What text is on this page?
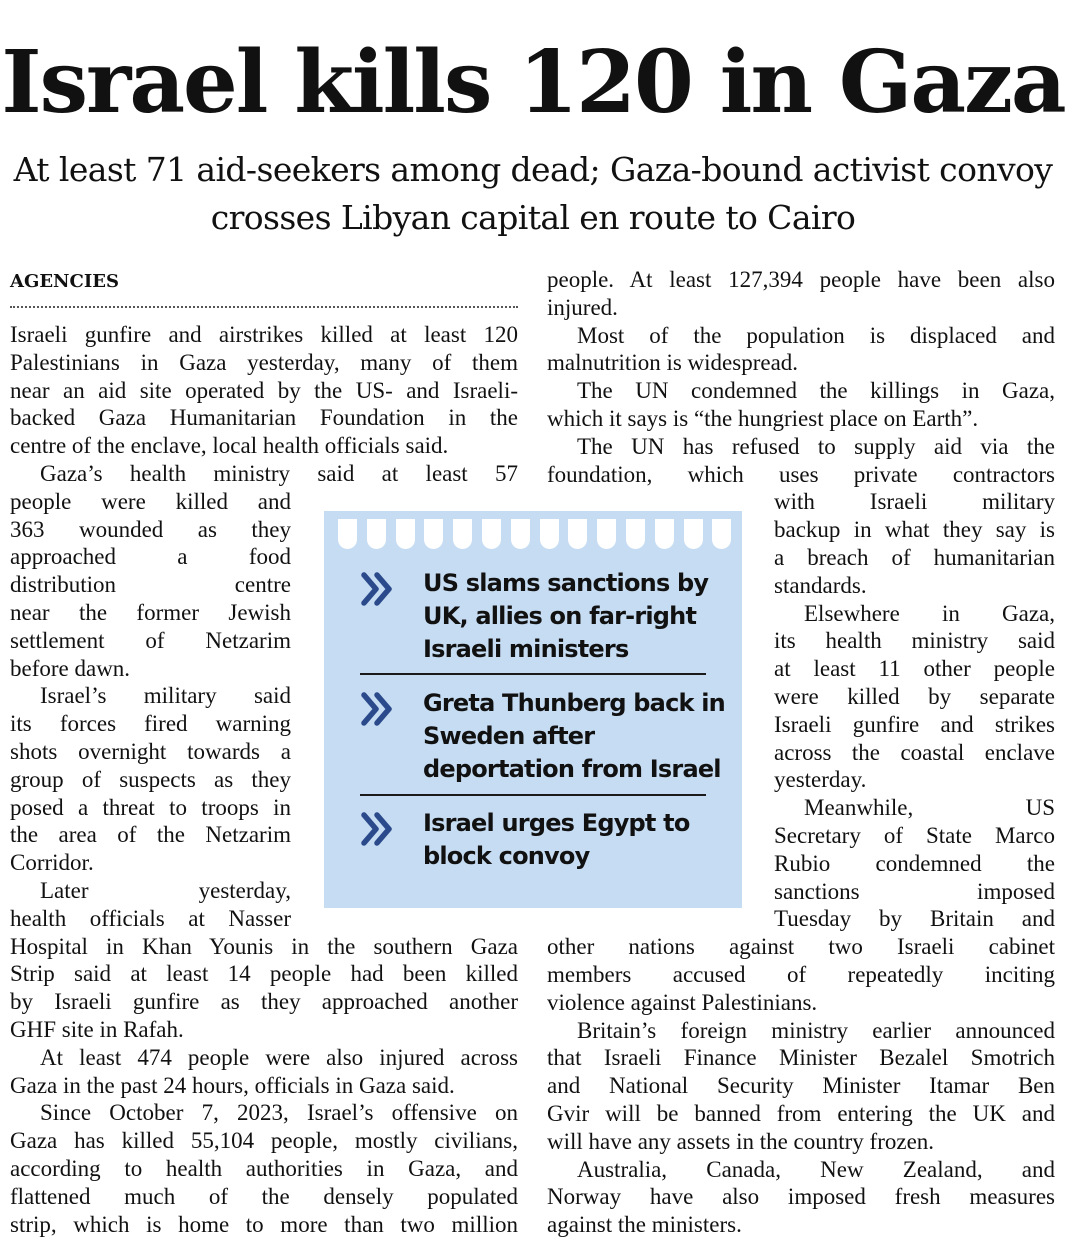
Israel kills 120 in Gaza
At least 71 aid-seekers among dead; Gaza-bound activist convoy crosses Libyan capital en route to Cairo
AGENCIES
Israeli gunfire and airstrikes killed at least 120
Palestinians in Gaza yesterday, many of them
near an aid site operated by the US- and Israeli-
backed Gaza Humanitarian Foundation in the
centre of the enclave, local health officials said.
Gaza’s health ministry said at least 57
people were killed and
363 wounded as they
approached a food
distribution centre
near the former Jewish
settlement of Netzarim
before dawn.
Israel’s military said
its forces fired warning
shots overnight towards a
group of suspects as they
posed a threat to troops in
the area of the Netzarim
Corridor.
Later yesterday,
health officials at Nasser
Hospital in Khan Younis in the southern Gaza
Strip said at least 14 people had been killed
by Israeli gunfire as they approached another
GHF site in Rafah.
At least 474 people were also injured across
Gaza in the past 24 hours, officials in Gaza said.
Since October 7, 2023, Israel’s offensive on
Gaza has killed 55,104 people, mostly civilians,
according to health authorities in Gaza, and
flattened much of the densely populated
strip, which is home to more than two million
people. At least 127,394 people have been also
injured.
Most of the population is displaced and
malnutrition is widespread.
The UN condemned the killings in Gaza,
which it says is “the hungriest place on Earth”.
The UN has refused to supply aid via the
foundation, which uses private contractors
with Israeli military
backup in what they say is
a breach of humanitarian
standards.
Elsewhere in Gaza,
its health ministry said
at least 11 other people
were killed by separate
Israeli gunfire and strikes
across the coastal enclave
yesterday.
Meanwhile, US
Secretary of State Marco
Rubio condemned the
sanctions imposed
Tuesday by Britain and
other nations against two Israeli cabinet
members accused of repeatedly inciting
violence against Palestinians.
Britain’s foreign ministry earlier announced
that Israeli Finance Minister Bezalel Smotrich
and National Security Minister Itamar Ben
Gvir will be banned from entering the UK and
will have any assets in the country frozen.
Australia, Canada, New Zealand, and
Norway have also imposed fresh measures
against the ministers.
US slams sanctions by UK, allies on far-right Israeli ministers
Greta Thunberg back in Sweden after deportation from Israel
Israel urges Egypt to block convoy
